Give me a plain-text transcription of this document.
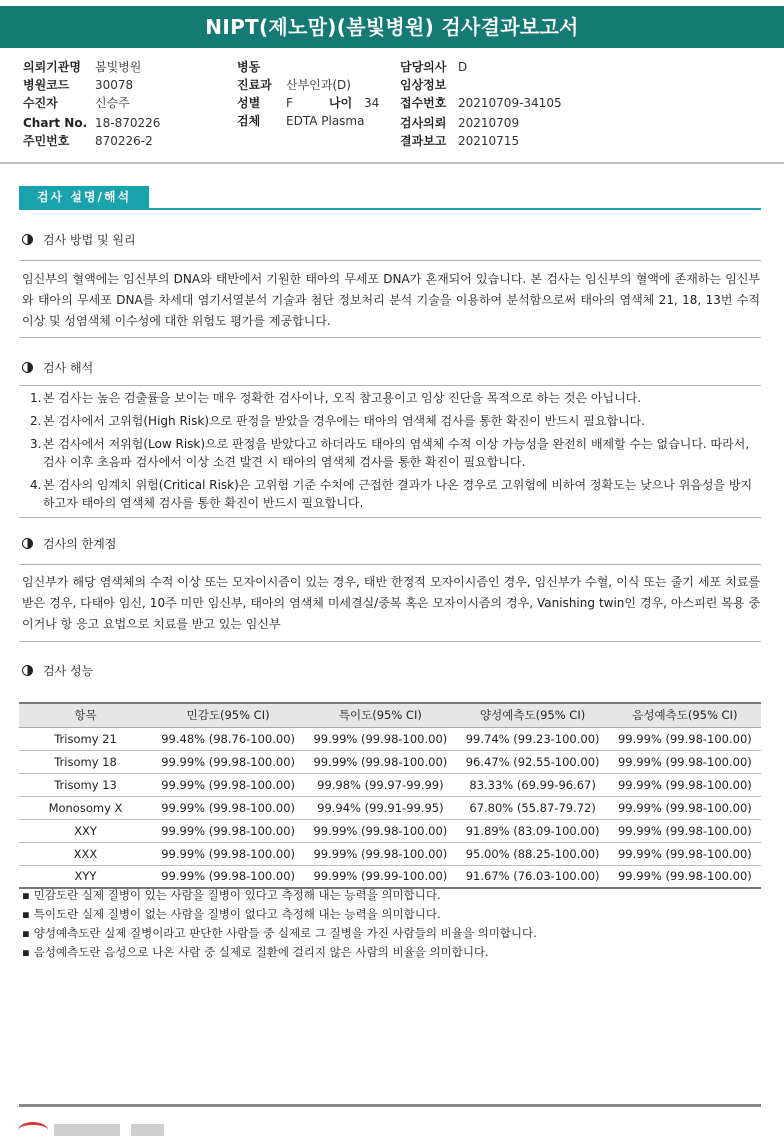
NIPT(제노맘)(봄빛병원) 검사결과보고서
의뢰기관명 봄빛병원
병원코드 30078
수진자	신승주
Chart No. 18-870226
주민번호 870226-2
병동
진료과 산부인과(D)
성별 F	나이 34
검체 EDTA Plasma
담당의사 D
임상정보
접수번호 20210709-34105
검사의뢰 20210709
결과보고 20210715
검사 설명/해석
검사 방법 및 원리
임신부의 혈액에는 임신부의 DNA와 태반에서 기원한 태아의 무세포 DNA가 혼재되어 있습니다. 본 검사는 임신부의 혈액에 존재하는 임신부와 태아의 무세포 DNA를 차세대 염기서열분석 기술과 첨단 정보처리 분석 기술을 이용하여 분석함으로써 태아의 염색체 21, 18, 13번 수적 이상 및 성염색체 이수성에 대한 위험도 평가를 제공합니다.
검사 해석
1. 본 검사는 높은 검출률을 보이는 매우 정확한 검사이나, 오직 참고용이고 임상 진단을 목적으로 하는 것은 아닙니다.
2. 본 검사에서 고위험(High Risk)으로 판정을 받았을 경우에는 태아의 염색체 검사를 통한 확진이 반드시 필요합니다.
3. 본 검사에서 저위험(Low Risk)으로 판정을 받았다고 하더라도 태아의 염색체 수적 이상 가능성을 완전히 배제할 수는 없습니다. 따라서, 검사 이후 초음파 검사에서 이상 소견 발견 시 태아의 염색체 검사를 통한 확진이 필요합니다.
4. 본 검사의 임계치 위험(Critical Risk)은 고위험 기준 수치에 근접한 결과가 나온 경우로 고위험에 비하여 정확도는 낮으나 위음성을 방지하고자 태아의 염색체 검사를 통한 확진이 반드시 필요합니다.
검사의 한계점
임신부가 해당 염색체의 수적 이상 또는 모자이시즘이 있는 경우, 태반 한정적 모자이시즘인 경우, 임신부가 수혈, 이식 또는 줄기 세포 치료를 받은 경우, 다태아 임신, 10주 미만 임신부, 태아의 염색체 미세결실/중복 혹은 모자이시즘의 경우, Vanishing twin인 경우, 아스피린 복용 중이거나 항 응고 요법으로 치료를 받고 있는 임신부
검사 성능
항목	민감도(95% CI)	특이도(95% CI)	양성예측도(95% CI)	음성예측도(95% CI)
Trisomy 21	99.48% (98.76-100.00)	99.99% (99.98-100.00)	99.74% (99.23-100.00)	99.99% (99.98-100.00)
Trisomy 18	99.99% (99.98-100.00)	99.99% (99.98-100.00)	96.47% (92.55-100.00)	99.99% (99.98-100.00)
Trisomy 13	99.99% (99.98-100.00)	99.98% (99.97-99.99)	83.33% (69.99-96.67)	99.99% (99.98-100.00)
Monosomy X	99.99% (99.98-100.00)	99.94% (99.91-99.95)	67.80% (55.87-79.72)	99.99% (99.98-100.00)
XXY	99.99% (99.98-100.00)	99.99% (99.98-100.00)	91.89% (83.09-100.00)	99.99% (99.98-100.00)
XXX	99.99% (99.98-100.00)	99.99% (99.98-100.00)	95.00% (88.25-100.00)	99.99% (99.98-100.00)
XYY	99.99% (99.98-100.00)	99.99% (99.99-100.00)	91.67% (76.03-100.00)	99.99% (99.98-100.00)
▪ 민감도란 실제 질병이 있는 사람을 질병이 있다고 측정해 내는 능력을 의미합니다.
▪ 특이도란 실제 질병이 없는 사람을 질병이 없다고 측정해 내는 능력을 의미합니다.
▪ 양성예측도란 실제 질병이라고 판단한 사람들 중 실제로 그 질병을 가진 사람들의 비율을 의미합니다.
▪ 음성예측도란 음성으로 나온 사람 중 실제로 질환에 걸리지 않은 사람의 비율을 의미합니다.
